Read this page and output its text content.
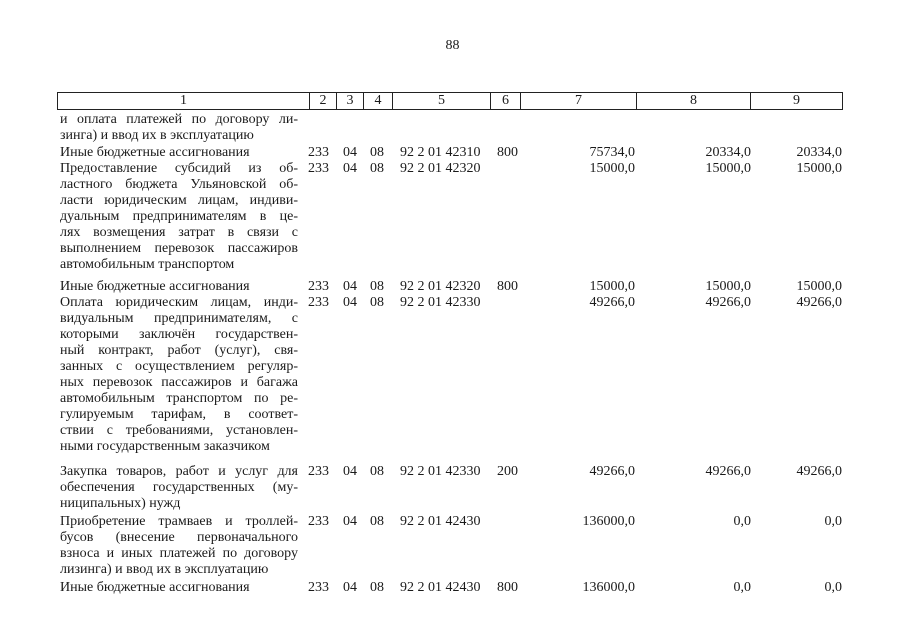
88
1	2	3	4	5	6	7	8	9
и оплата платежей по договору ли-
зинга) и ввод их в эксплуатацию
Иные бюджетные ассигнования	233 04 08 92 2 01 42310 800	75734,0	20334,0	20334,0
Предоставление субсидий из об-
ластного бюджета Ульяновской об-
ласти юридическим лицам, индиви-
дуальным предпринимателям в це-
лях возмещения затрат в связи с
выполнением перевозок пассажиров
автомобильным транспортом
233 04 08 92 2 01 42320	15000,0	15000,0	15000,0
Иные бюджетные ассигнования	233 04 08 92 2 01 42320 800	15000,0	15000,0	15000,0
Оплата юридическим лицам, инди-
видуальным предпринимателям, с
которыми заключён государствен-
ный контракт, работ (услуг), свя-
занных с осуществлением регуляр-
ных перевозок пассажиров и багажа
автомобильным транспортом по ре-
гулируемым тарифам, в соответ-
ствии с требованиями, установлен-
ными государственным заказчиком
233 04 08 92 2 01 42330	49266,0	49266,0	49266,0
Закупка товаров, работ и услуг для
обеспечения государственных (му-
ниципальных) нужд
233 04 08 92 2 01 42330 200	49266,0	49266,0	49266,0
Приобретение трамваев и троллей-
бусов (внесение первоначального
взноса и иных платежей по договору
лизинга) и ввод их в эксплуатацию
233 04 08 92 2 01 42430	136000,0	0,0	0,0
Иные бюджетные ассигнования	233 04 08 92 2 01 42430 800	136000,0	0,0	0,0
